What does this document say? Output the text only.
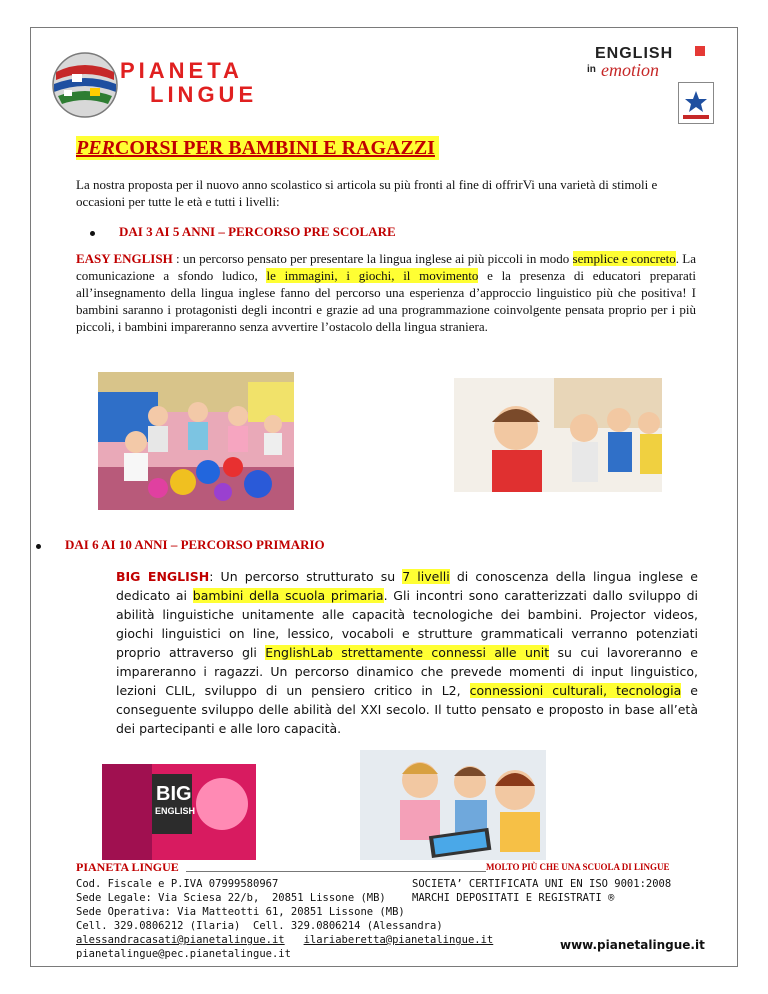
PIANETA
LINGUE
ENGLISH
in emotion
PERCORSI PER BAMBINI E RAGAZZI
La nostra proposta per il nuovo anno scolastico si articola su più fronti al fine di offrirVi una varietà di stimoli e occasioni per tutte le età e tutti i livelli:
DAI 3 AI 5 ANNI – PERCORSO PRE SCOLARE
EASY ENGLISH : un percorso pensato per presentare la lingua inglese ai più piccoli in modo semplice e concreto. La comunicazione a sfondo ludico, le immagini, i giochi, il movimento e la presenza di educatori preparati all’insegnamento della lingua inglese fanno del percorso una esperienza d’approccio linguistico più che positiva! I bambini saranno i protagonisti degli incontri e grazie ad una programmazione coinvolgente pensata proprio per i più piccoli, i bambini impareranno senza avvertire l’ostacolo della lingua straniera.
DAI 6 AI 10 ANNI – PERCORSO PRIMARIO
BIG ENGLISH: Un percorso strutturato su 7 livelli di conoscenza della lingua inglese e dedicato ai bambini della scuola primaria. Gli incontri sono caratterizzati dallo sviluppo di abilità linguistiche unitamente alle capacità tecnologiche dei bambini. Projector videos, giochi linguistici on line, lessico, vocaboli e strutture grammaticali verranno potenziati proprio attraverso gli EnglishLab strettamente connessi alle unit su cui lavoreranno e impareranno i ragazzi. Un percorso dinamico che prevede momenti di input linguistico, lezioni CLIL, sviluppo di un pensiero critico in L2, connessioni culturali, tecnologia e conseguente sviluppo delle abilità del XXI secolo. Il tutto pensato e proposto in base all’età dei partecipanti e alle loro capacità.
BIG
ENGLISH
PIANETA LINGUE	MOLTO PIÙ CHE UNA SCUOLA DI LINGUE
Cod. Fiscale e P.IVA 07999580967
Sede Legale: Via Sciesa 22/b,  20851 Lissone (MB)
Sede Operativa: Via Matteotti 61, 20851 Lissone (MB)
Cell. 329.0806212 (Ilaria)  Cell. 329.0806214 (Alessandra)
alessandracasati@pianetalingue.it ilariaberetta@pianetalingue.it
pianetalingue@pec.pianetalingue.it
SOCIETA’ CERTIFICATA UNI EN ISO 9001:2008
MARCHI DEPOSITATI E REGISTRATI ®
www.pianetalingue.it
